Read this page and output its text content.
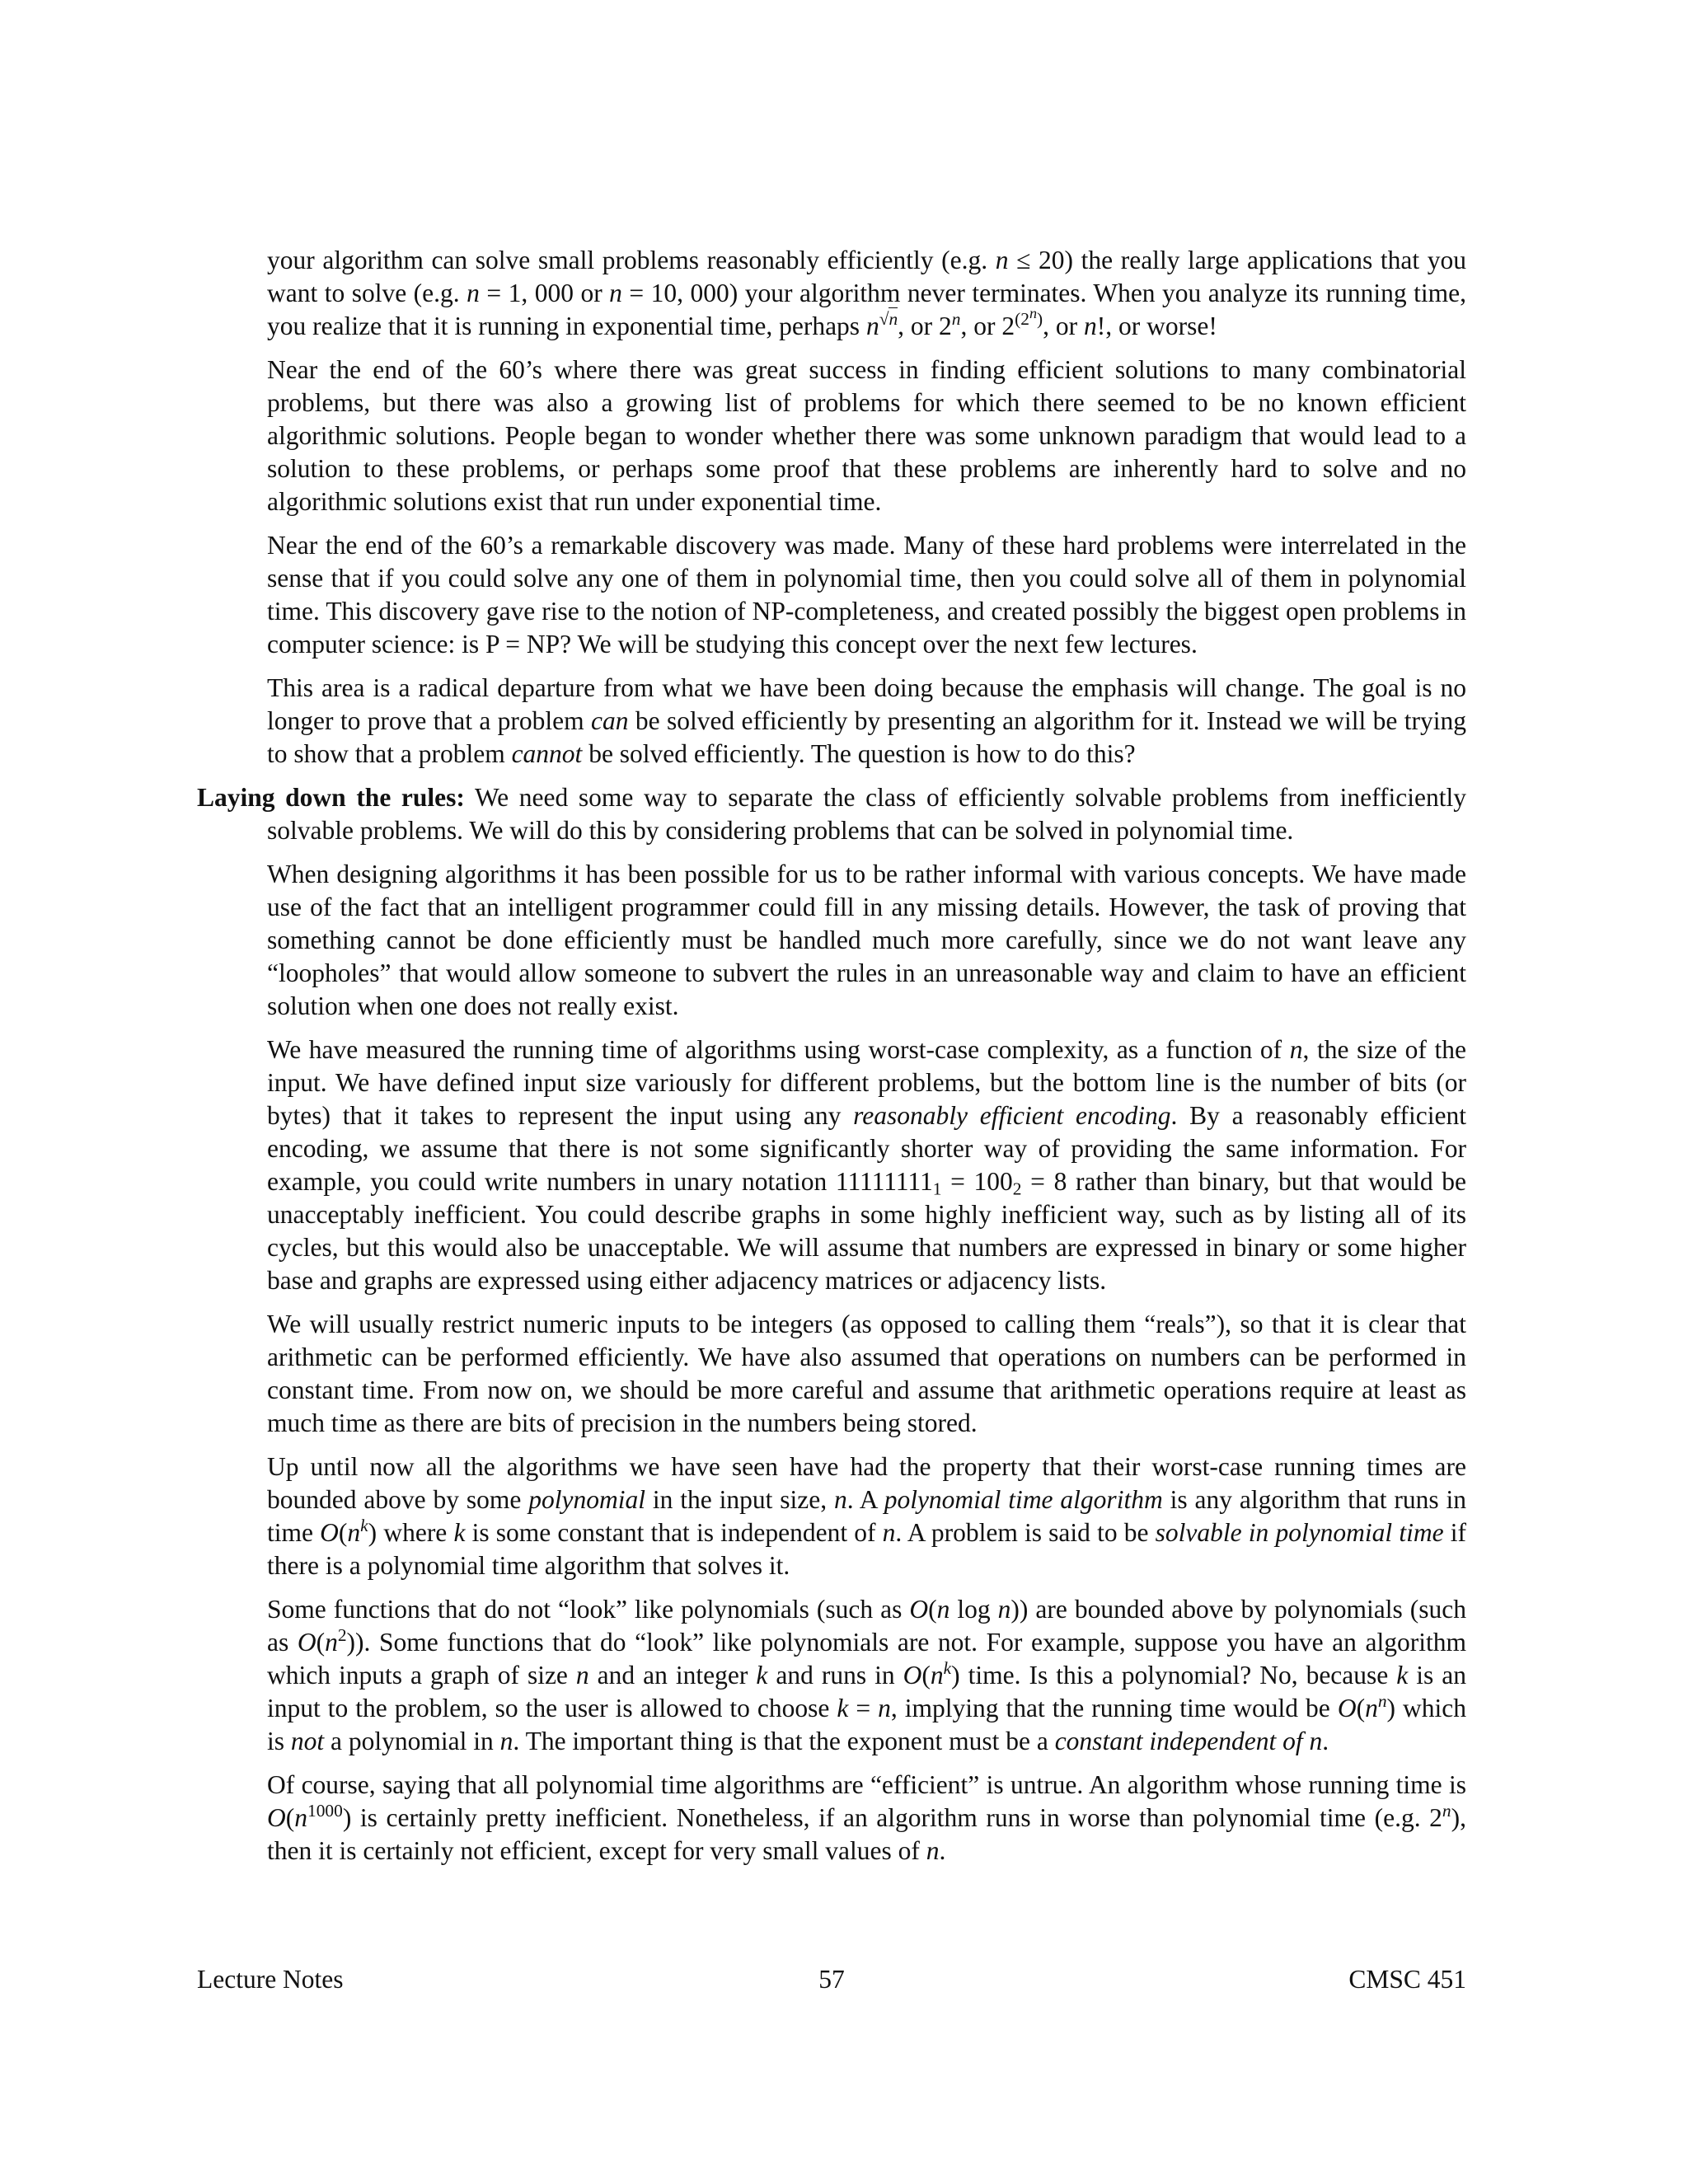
your algorithm can solve small problems reasonably efficiently (e.g. n ≤ 20) the really large applications that you want to solve (e.g. n = 1, 000 or n = 10, 000) your algorithm never terminates. When you analyze its running time, you realize that it is running in exponential time, perhaps $n^{√n}$, or 2$^n$, or $2^{(2^n)}$, or n!, or worse!

Near the end of the 60’s where there was great success in finding efficient solutions to many combinatorial problems, but there was also a growing list of problems for which there seemed to be no known efficient algorithmic solutions. People began to wonder whether there was some unknown paradigm that would lead to a solution to these problems, or perhaps some proof that these problems are inherently hard to solve and no algorithmic solutions exist that run under exponential time.

Near the end of the 60’s a remarkable discovery was made. Many of these hard problems were interrelated in the sense that if you could solve any one of them in polynomial time, then you could solve all of them in polynomial time. This discovery gave rise to the notion of NP-completeness, and created possibly the biggest open problems in computer science: is P = NP? We will be studying this concept over the next few lectures.

This area is a radical departure from what we have been doing because the emphasis will change. The goal is no longer to prove that a problem can be solved efficiently by presenting an algorithm for it. Instead we will be trying to show that a problem cannot be solved efficiently. The question is how to do this?

Laying down the rules: We need some way to separate the class of efficiently solvable problems from inefficiently solvable problems. We will do this by considering problems that can be solved in polynomial time.

When designing algorithms it has been possible for us to be rather informal with various concepts. We have made use of the fact that an intelligent programmer could fill in any missing details. However, the task of proving that something cannot be done efficiently must be handled much more carefully, since we do not want leave any “loopholes” that would allow someone to subvert the rules in an unreasonable way and claim to have an efficient solution when one does not really exist.

We have measured the running time of algorithms using worst-case complexity, as a function of n, the size of the input. We have defined input size variously for different problems, but the bottom line is the number of bits (or bytes) that it takes to represent the input using any reasonably efficient encoding. By a reasonably efficient encoding, we assume that there is not some significantly shorter way of providing the same information. For example, you could write numbers in unary notation $11111111_1 = 100_2 = 8$ rather than binary, but that would be unacceptably inefficient. You could describe graphs in some highly inefficient way, such as by listing all of its cycles, but this would also be unacceptable. We will assume that numbers are expressed in binary or some higher base and graphs are expressed using either adjacency matrices or adjacency lists.

We will usually restrict numeric inputs to be integers (as opposed to calling them “reals”), so that it is clear that arithmetic can be performed efficiently. We have also assumed that operations on numbers can be performed in constant time. From now on, we should be more careful and assume that arithmetic operations require at least as much time as there are bits of precision in the numbers being stored.

Up until now all the algorithms we have seen have had the property that their worst-case running times are bounded above by some polynomial in the input size, n. A polynomial time algorithm is any algorithm that runs in time $O(n^k)$ where k is some constant that is independent of n. A problem is said to be solvable in polynomial time if there is a polynomial time algorithm that solves it.

Some functions that do not “look” like polynomials (such as O(n log n)) are bounded above by polynomials (such as $O(n^2)$). Some functions that do “look” like polynomials are not. For example, suppose you have an algorithm which inputs a graph of size n and an integer k and runs in $O(n^k)$ time. Is this a polynomial? No, because k is an input to the problem, so the user is allowed to choose k = n, implying that the running time would be $O(n^n)$ which is not a polynomial in n. The important thing is that the exponent must be a constant independent of n.

Of course, saying that all polynomial time algorithms are “efficient” is untrue. An algorithm whose running time is $O(n^{1000})$ is certainly pretty inefficient. Nonetheless, if an algorithm runs in worse than polynomial time (e.g. 2$^n$), then it is certainly not efficient, except for very small values of n.

Lecture Notes	57	CMSC 451
